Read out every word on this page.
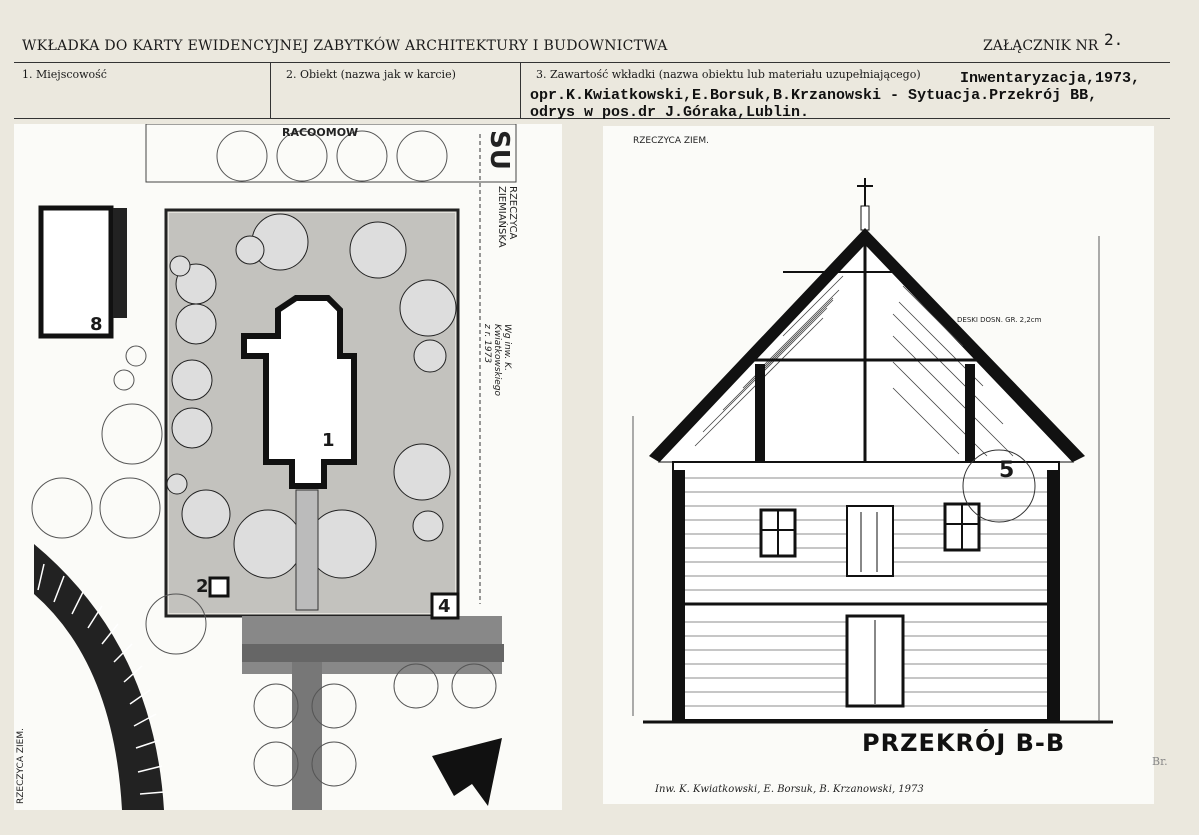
WKŁADKA DO KARTY EWIDENCYJNEJ ZABYTKÓW ARCHITEKTURY I BUDOWNICTWA	ZAŁĄCZNIK NR 2.
1. Miejscowość	2. Obiekt (nazwa jak w karcie)	3. Zawartość wkładki (nazwa obiektu lub materiału uzupełniającego)	Inwentaryzacja,1973,
opr.K.Kwiatkowski,E.Borsuk,B.Krzanowski - Sytuacja.Przekrój BB,
odrys w pos.dr J.Góraka,Lublin.
RACOOMOW	SU
RZECZYCA ZIEMIAŃSKA
Wg inw. K. Kwiatkowskiego z r. 1973
RZECZYCA ZIEM.
1
8
2
4
RZECZYCA ZIEM.
DESKI DOSN. GR. 2,2cm
5
PRZEKRÓJ B-B
Inw. K. Kwiatkowski, E. Borsuk, B. Krzanowski, 1973
Br.
